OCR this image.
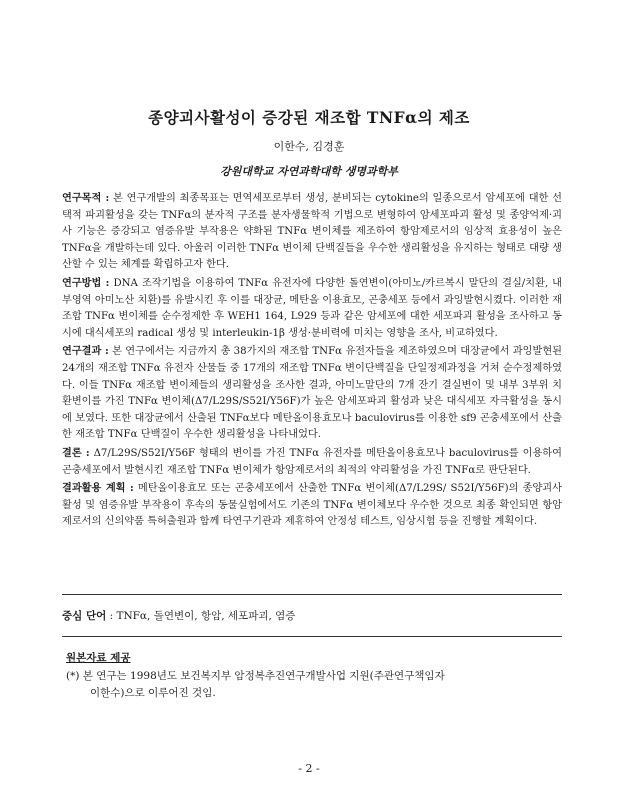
종양괴사활성이 증강된 재조합 TNFα의 제조
이한수, 김경훈
강원대학교 자연과학대학 생명과학부

연구목적 : 본 연구개발의 최종목표는 면역세포로부터 생성, 분비되는 cytokine의 일종으로서 암세포에 대한 선택적 파괴활성을 갖는 TNFα의 분자적 구조를 분자생물학적 기법으로 변형하여 암세포파괴 활성 및 종양억제·괴사 기능은 증강되고 염증유발 부작용은 약화된 TNFα 변이체를 제조하여 항암제로서의 임상적 효용성이 높은 TNFα을 개발하는데 있다. 아울러 이러한 TNFα 변이체 단백질들을 우수한 생리활성을 유지하는 형태로 대량 생산할 수 있는 체계를 확립하고자 한다.

연구방법 : DNA 조작기법을 이용하여 TNFα 유전자에 다양한 돌연변이(아미노/카르복시 말단의 결실/치환, 내부영역 아미노산 치환)를 유발시킨 후 이를 대장균, 메탄올 이용효모, 곤충세포 등에서 과잉발현시켰다. 이러한 재조합 TNFα 변이체를 순수정제한 후 WEH1 164, L929 등과 같은 암세포에 대한 세포파괴 활성을 조사하고 동시에 대식세포의 radical 생성 및 interleukin-1β 생성·분비력에 미치는 영향을 조사, 비교하였다.

연구결과 : 본 연구에서는 지금까지 총 38가지의 재조합 TNFα 유전자들을 제조하였으며 대장균에서 과잉발현된 24개의 재조합 TNFα 유전자 산물들 중 17개의 재조합 TNFα 변이단백질을 단일정제과정을 거쳐 순수정제하였다. 이들 TNFα 재조합 변이체들의 생리활성을 조사한 결과, 아미노말단의 7개 잔기 결실변이 및 내부 3부위 치환변이를 가진 TNFα 변이체(Δ7/L29S/S52I/Y56F)가 높은 암세포파괴 활성과 낮은 대식세포 자극활성을 동시에 보였다. 또한 대장균에서 산출된 TNFα보다 메탄올이용효모나 baculovirus를 이용한 sf9 곤충세포에서 산출한 재조합 TNFα 단백질이 우수한 생리활성을 나타내었다.

결론 : Δ7/L29S/S52I/Y56F 형태의 변이를 가진 TNFα 유전자를 메탄올이용효모나 baculovirus를 이용하여 곤충세포에서 발현시킨 재조합 TNFα 변이체가 항암제로서의 최적의 약리활성을 가진 TNFα로 판단된다.

결과활용 계획 : 메탄올이용효모 또는 곤충세포에서 산출한 TNFα 변이체(Δ7/L29S/ S52I/Y56F)의 종양괴사활성 및 염증유발 부작용이 후속의 동물실험에서도 기존의 TNFα 변이체보다 우수한 것으로 최종 확인되면 항암제로서의 신의약품 특허출원과 함께 타연구기관과 제휴하여 안정성 테스트, 임상시험 등을 진행할 계획이다.

중심 단어 : TNFα, 돌연변이, 항암, 세포파괴, 염증
원본자료 제공
(*) 본 연구는 1998년도 보건복지부 암정복추진연구개발사업 지원(주관연구책임자 이한수)으로 이루어진 것임.
- 2 -
